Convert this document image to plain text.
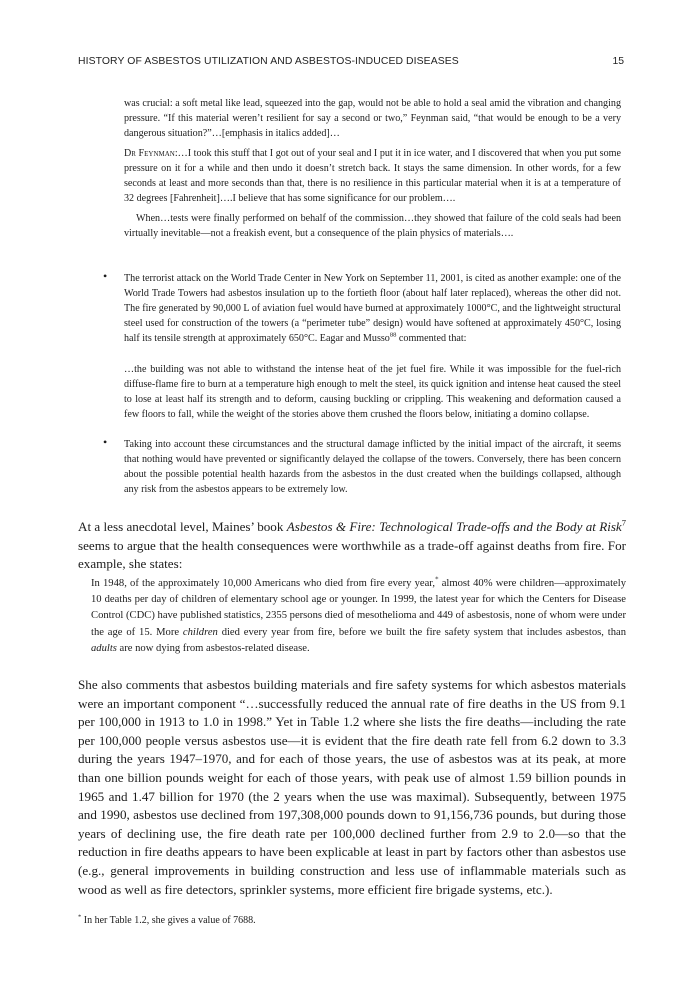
HISTORY OF ASBESTOS UTILIZATION AND ASBESTOS-INDUCED DISEASES	15

was crucial: a soft metal like lead, squeezed into the gap, would not be able to hold a seal amid the vibration and changing pressure. “If this material weren’t resilient for say a second or two,” Feynman said, “that would be enough to be a very dangerous situation?”…[emphasis in italics added]…

Dr Feynman:…I took this stuff that I got out of your seal and I put it in ice water, and I discovered that when you put some pressure on it for a while and then undo it doesn’t stretch back. It stays the same dimension. In other words, for a few seconds at least and more seconds than that, there is no resilience in this particular material when it is at a temperature of 32 degrees [Fahrenheit]….I believe that has some significance for our problem….

When…tests were finally performed on behalf of the commission…they showed that failure of the cold seals had been virtually inevitable—not a freakish event, but a consequence of the plain physics of materials….

• The terrorist attack on the World Trade Center in New York on September 11, 2001, is cited as another example: one of the World Trade Towers had asbestos insulation up to the fortieth floor (about half later replaced), whereas the other did not. The fire generated by 90,000 L of aviation fuel would have burned at approximately 1000°C, and the lightweight structural steel used for construction of the towers (a “perimeter tube” design) would have softened at approximately 450°C, losing half its tensile strength at approximately 650°C. Eagar and Musso$^{88}$ commented that:

…the building was not able to withstand the intense heat of the jet fuel fire. While it was impossible for the fuel-rich diffuse-flame fire to burn at a temperature high enough to melt the steel, its quick ignition and intense heat caused the steel to lose at least half its strength and to deform, causing buckling or crippling. This weakening and deformation caused a few floors to fall, while the weight of the stories above them crushed the floors below, initiating a domino collapse.

• Taking into account these circumstances and the structural damage inflicted by the initial impact of the aircraft, it seems that nothing would have prevented or significantly delayed the collapse of the towers. Conversely, there has been concern about the possible potential health hazards from the asbestos in the dust created when the buildings collapsed, although any risk from the asbestos appears to be extremely low.

At a less anecdotal level, Maines’ book Asbestos & Fire: Technological Trade-offs and the Body at Risk$^7$ seems to argue that the health consequences were worthwhile as a trade-off against deaths from fire. For example, she states:

In 1948, of the approximately 10,000 Americans who died from fire every year,* almost 40% were children—approximately 10 deaths per day of children of elementary school age or younger. In 1999, the latest year for which the Centers for Disease Control (CDC) have published statistics, 2355 persons died of mesothelioma and 449 of asbestosis, none of whom were under the age of 15. More children died every year from fire, before we built the fire safety system that includes asbestos, than adults are now dying from asbestos-related disease.

She also comments that asbestos building materials and fire safety systems for which asbestos materials were an important component “…successfully reduced the annual rate of fire deaths in the US from 9.1 per 100,000 in 1913 to 1.0 in 1998.” Yet in Table 1.2 where she lists the fire deaths—including the rate per 100,000 people versus asbestos use—it is evident that the fire death rate fell from 6.2 down to 3.3 during the years 1947–1970, and for each of those years, the use of asbestos was at its peak, at more than one billion pounds weight for each of those years, with peak use of almost 1.59 billion pounds in 1965 and 1.47 billion for 1970 (the 2 years when the use was maximal). Subsequently, between 1975 and 1990, asbestos use declined from 197,308,000 pounds down to 91,156,736 pounds, but during those years of declining use, the fire death rate per 100,000 declined further from 2.9 to 2.0—so that the reduction in fire deaths appears to have been explicable at least in part by factors other than asbestos use (e.g., general improvements in building construction and less use of inflammable materials such as wood as well as fire detectors, sprinkler systems, more efficient fire brigade systems, etc.).

* In her Table 1.2, she gives a value of 7688.
